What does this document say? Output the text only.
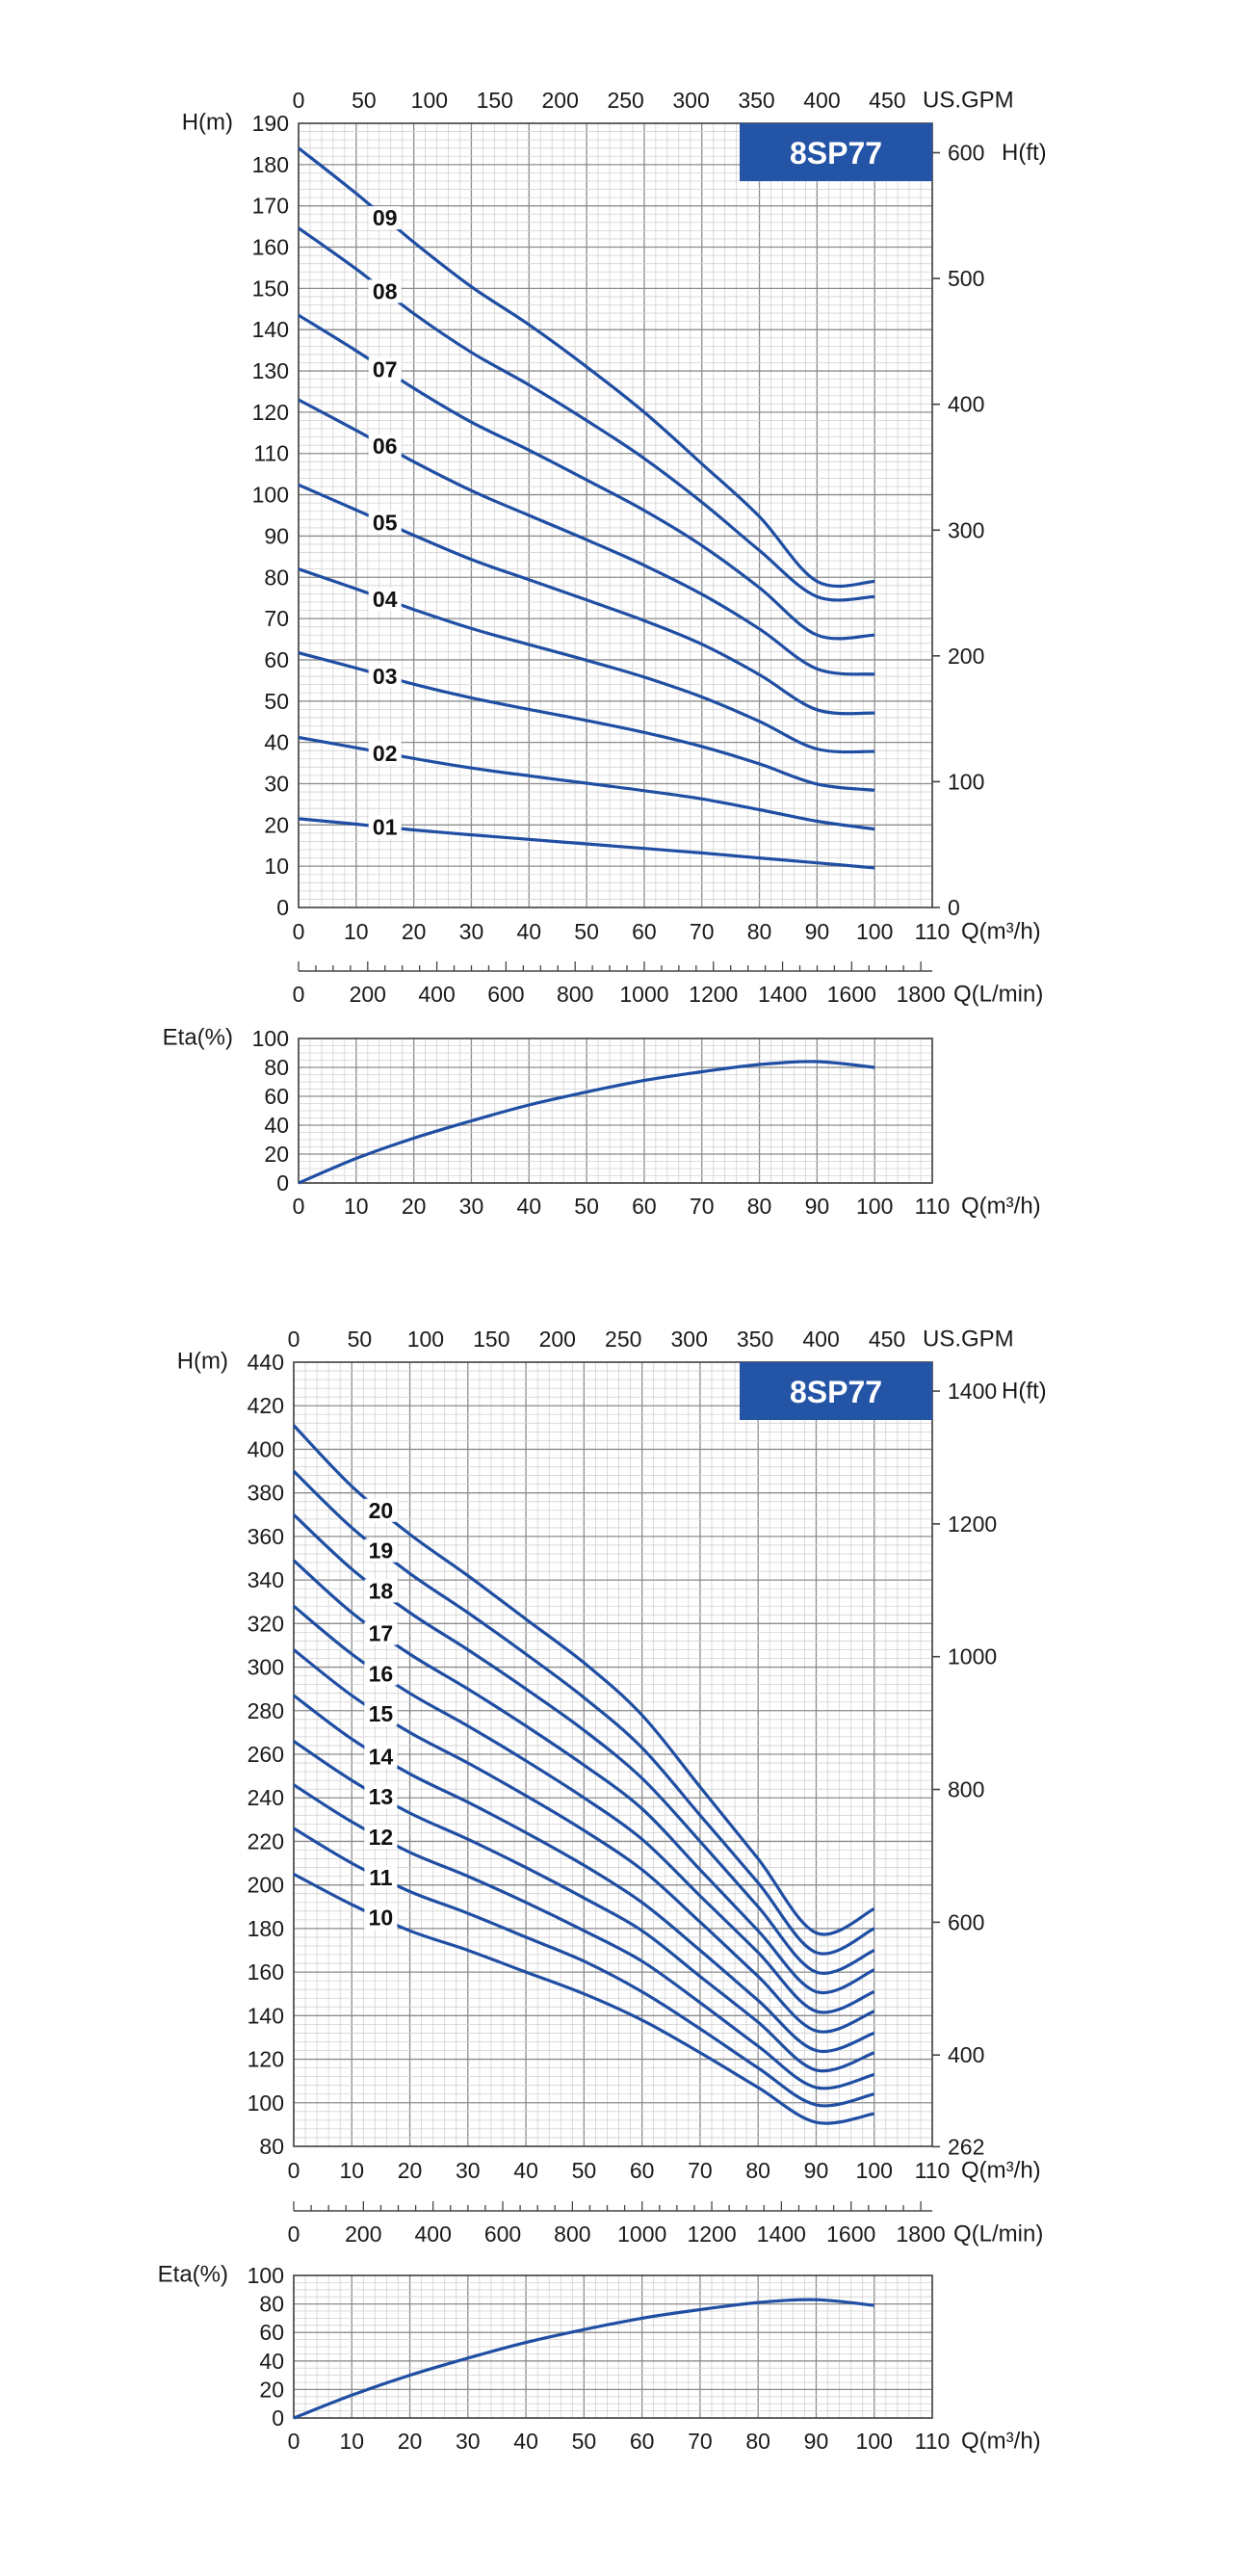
01
02
03
04
05
06
07
08
09
0
10
20
30
40
50
60
70
80
90
100
110
120
130
140
150
160
170
180
190
H(m)
0 10 20 30 40 50 60 70 80 90 100 110 Q(m³/h)
0 50 100 150 200 250 300 350 400 450 US.GPM
0
100
200
300
400
500
600 H(ft)
8SP77
0 200 400 600 800 1000 1200 1400 1600 1800 Q(L/min)
0
20
40
60
80
100
Eta(%)
0 10 20 30 40 50 60 70 80 90 100 110 Q(m³/h)
10
11
12
13
14
15
16
17
18
19
20
80
100
120
140
160
180
200
220
240
260
280
300
320
340
360
380
400
420
440
H(m)
0 10 20 30 40 50 60 70 80 90 100 110 Q(m³/h)
0 50 100 150 200 250 300 350 400 450 US.GPM
262
400
600
800
1000
1200
1400 H(ft)
8SP77
0 200 400 600 800 1000 1200 1400 1600 1800 Q(L/min)
0
20
40
60
80
100
Eta(%)
0 10 20 30 40 50 60 70 80 90 100 110 Q(m³/h)
